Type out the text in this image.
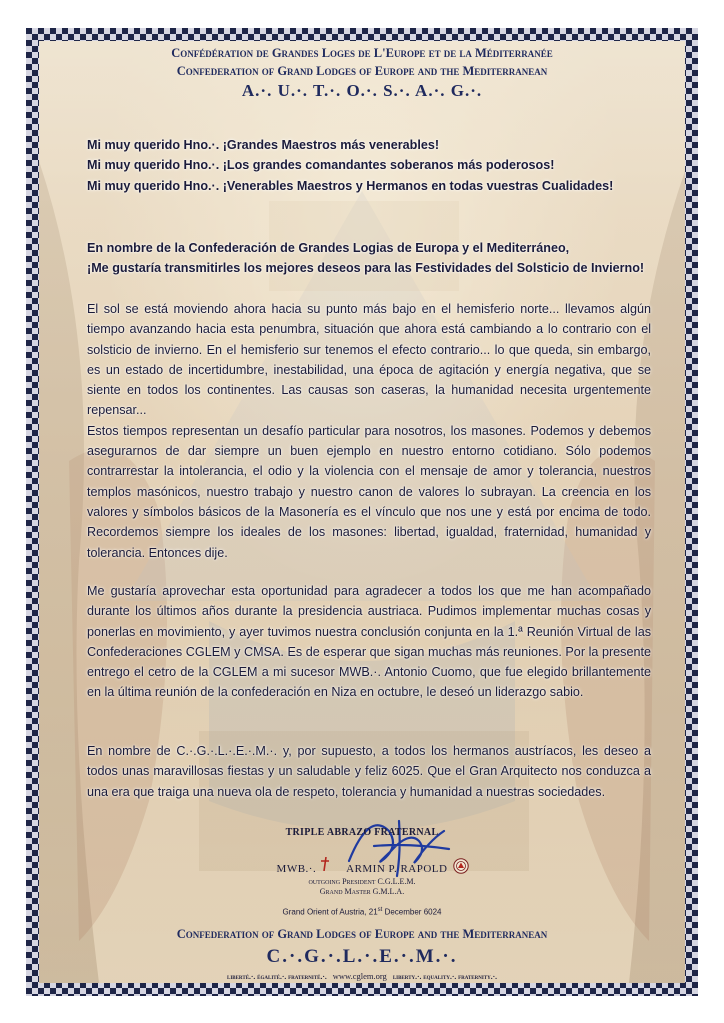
Confédération de Grandes Loges de L'Europe et de la Méditerranée
Confederation of Grand Lodges of Europe and the Mediterranean
A.·. U.·. T.·. O.·. S.·. A.·. G.·.

Mi muy querido Hno.·. ¡Grandes Maestros más venerables!

Mi muy querido Hno.·. ¡Los grandes comandantes soberanos más poderosos!

Mi muy querido Hno.·. ¡Venerables Maestros y Hermanos en todas vuestras Cualidades!

En nombre de la Confederación de Grandes Logias de Europa y el Mediterráneo,

¡Me gustaría transmitirles los mejores deseos para las Festividades del Solsticio de Invierno!

El sol se está moviendo ahora hacia su punto más bajo en el hemisferio norte... llevamos algún tiempo avanzando hacia esta penumbra, situación que ahora está cambiando a lo contrario con el solsticio de invierno. En el hemisferio sur tenemos el efecto contrario... lo que queda, sin embargo, es un estado de incertidumbre, inestabilidad, una época de agitación y energía negativa, que se siente en todos los continentes. Las causas son caseras, la humanidad necesita urgentemente repensar...

Estos tiempos representan un desafío particular para nosotros, los masones. Podemos y debemos asegurarnos de dar siempre un buen ejemplo en nuestro entorno cotidiano. Sólo podemos contrarrestar la intolerancia, el odio y la violencia con el mensaje de amor y tolerancia, nuestros templos masónicos, nuestro trabajo y nuestro canon de valores lo subrayan. La creencia en los valores y símbolos básicos de la Masonería es el vínculo que nos une y está por encima de todo. Recordemos siempre los ideales de los masones: libertad, igualdad, fraternidad, humanidad y tolerancia. Entonces dije.

Me gustaría aprovechar esta oportunidad para agradecer a todos los que me han acompañado durante los últimos años durante la presidencia austriaca. Pudimos implementar muchas cosas y ponerlas en movimiento, y ayer tuvimos nuestra conclusión conjunta en la 1.ª Reunión Virtual de las Confederaciones CGLEM y CMSA. Es de esperar que sigan muchas más reuniones. Por la presente entrego el cetro de la CGLEM a mi sucesor MWB.·. Antonio Cuomo, que fue elegido brillantemente en la última reunión de la confederación en Niza en octubre, le deseó un liderazgo sabio.

En nombre de C.·.G.·.L.·.E.·.M.·. y, por supuesto, a todos los hermanos austríacos, les deseo a todos unas maravillosas fiestas y un saludable y feliz 6025. Que el Gran Arquitecto nos conduzca a una era que traiga una nueva ola de respeto, tolerancia y humanidad a nuestras sociedades.

TRIPLE ABRAZO FRATERNAL
MWB.·.	ARMIN P. RAPOLD
outgoing President C.G.L.E.M.
Grand Master G.M.L.A.
Grand Orient of Austria, 21st December 6024
Confederation of Grand Lodges of Europe and the Mediterranean
C.·.G.·.L.·.E.·.M.·.
liberté.·. égalité.·. fraternité.·. www.cglem.org liberty.·. equality.·. fraternity.·.
